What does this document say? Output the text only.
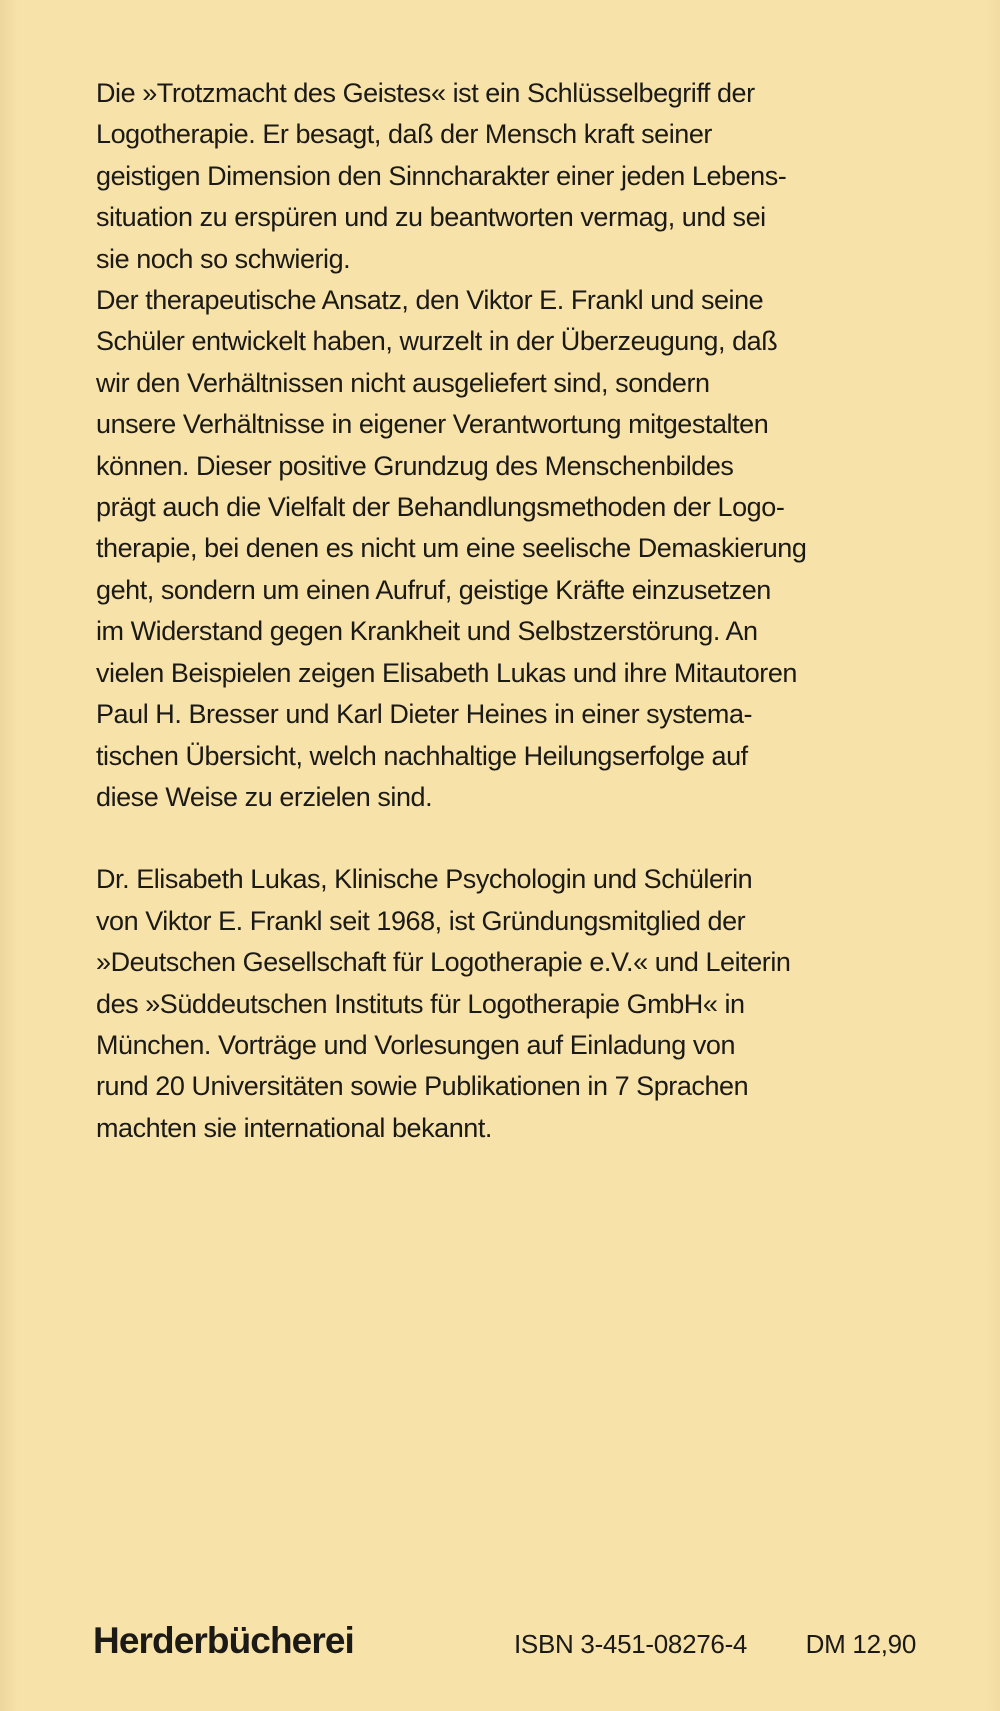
Die »Trotzmacht des Geistes« ist ein Schlüsselbegriff der

Logotherapie. Er besagt, daß der Mensch kraft seiner

geistigen Dimension den Sinncharakter einer jeden Lebens-

situation zu erspüren und zu beantworten vermag, und sei

sie noch so schwierig.

Der therapeutische Ansatz, den Viktor E. Frankl und seine

Schüler entwickelt haben, wurzelt in der Überzeugung, daß

wir den Verhältnissen nicht ausgeliefert sind, sondern

unsere Verhältnisse in eigener Verantwortung mitgestalten

können. Dieser positive Grundzug des Menschenbildes

prägt auch die Vielfalt der Behandlungsmethoden der Logo-

therapie, bei denen es nicht um eine seelische Demaskierung

geht, sondern um einen Aufruf, geistige Kräfte einzusetzen

im Widerstand gegen Krankheit und Selbstzerstörung. An

vielen Beispielen zeigen Elisabeth Lukas und ihre Mitautoren

Paul H. Bresser und Karl Dieter Heines in einer systema-

tischen Übersicht, welch nachhaltige Heilungserfolge auf

diese Weise zu erzielen sind.

Dr. Elisabeth Lukas, Klinische Psychologin und Schülerin

von Viktor E. Frankl seit 1968, ist Gründungsmitglied der

»Deutschen Gesellschaft für Logotherapie e.V.« und Leiterin

des »Süddeutschen Instituts für Logotherapie GmbH« in

München. Vorträge und Vorlesungen auf Einladung von

rund 20 Universitäten sowie Publikationen in 7 Sprachen

machten sie international bekannt.

Herderbücherei	ISBN 3-451-08276-4 DM 12,90
